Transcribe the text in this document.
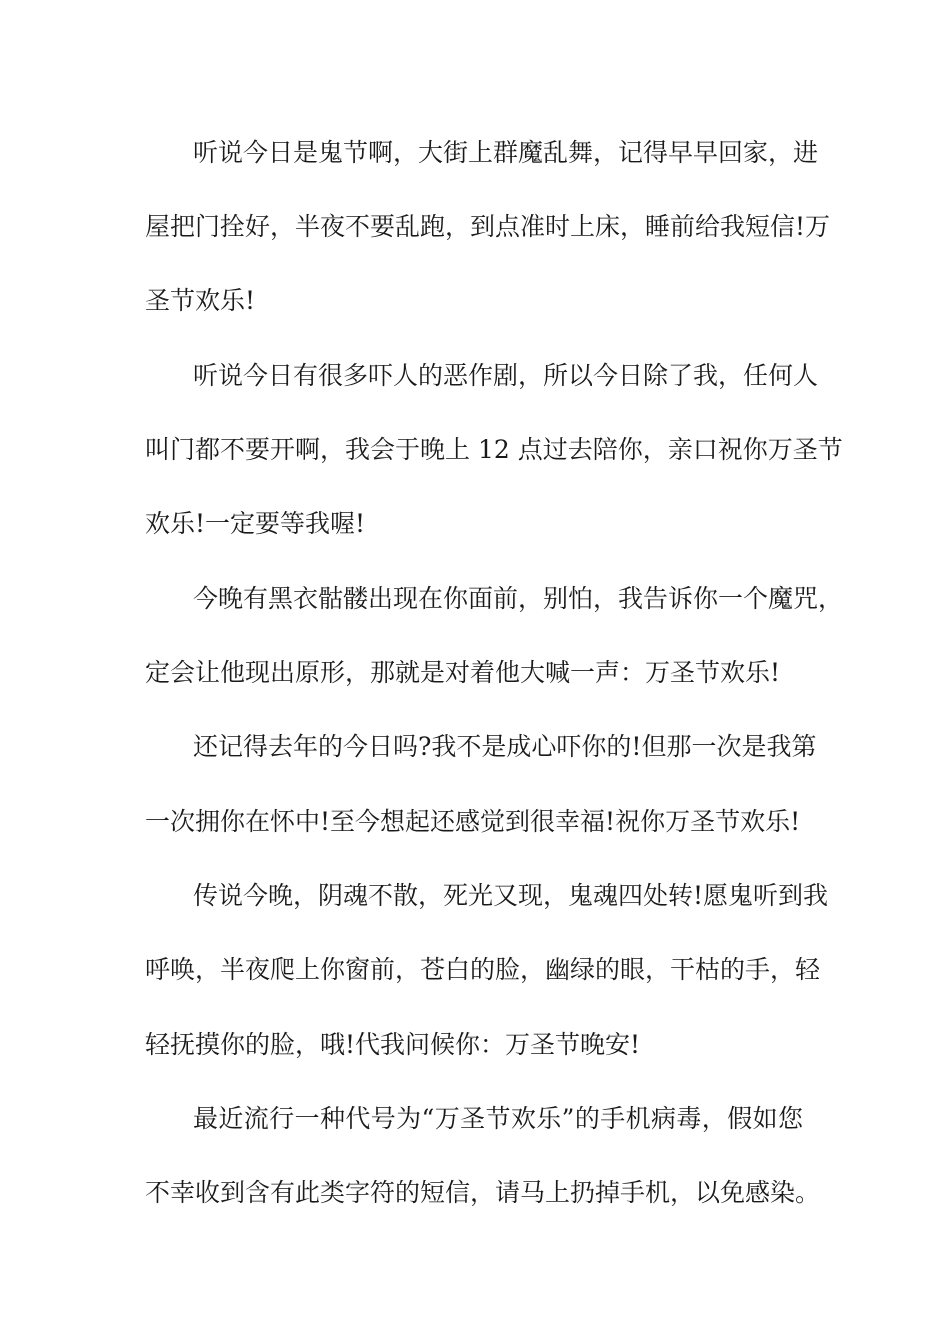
听说今日是鬼节啊，大街上群魔乱舞，记得早早回家，进
屋把门拴好，半夜不要乱跑，到点准时上床，睡前给我短信!万
圣节欢乐!
听说今日有很多吓人的恶作剧，所以今日除了我，任何人
叫门都不要开啊，我会于晚上 12 点过去陪你，亲口祝你万圣节
欢乐!一定要等我喔!
今晚有黑衣骷髅出现在你面前，别怕，我告诉你一个魔咒，
定会让他现出原形，那就是对着他大喊一声：万圣节欢乐!
还记得去年的今日吗?我不是成心吓你的!但那一次是我第
一次拥你在怀中!至今想起还感觉到很幸福!祝你万圣节欢乐!
传说今晚，阴魂不散，死光又现，鬼魂四处转!愿鬼听到我
呼唤，半夜爬上你窗前，苍白的脸，幽绿的眼，干枯的手，轻
轻抚摸你的脸，哦!代我问候你：万圣节晚安!
最近流行一种代号为“万圣节欢乐”的手机病毒，假如您
不幸收到含有此类字符的短信，请马上扔掉手机，以免感染。
